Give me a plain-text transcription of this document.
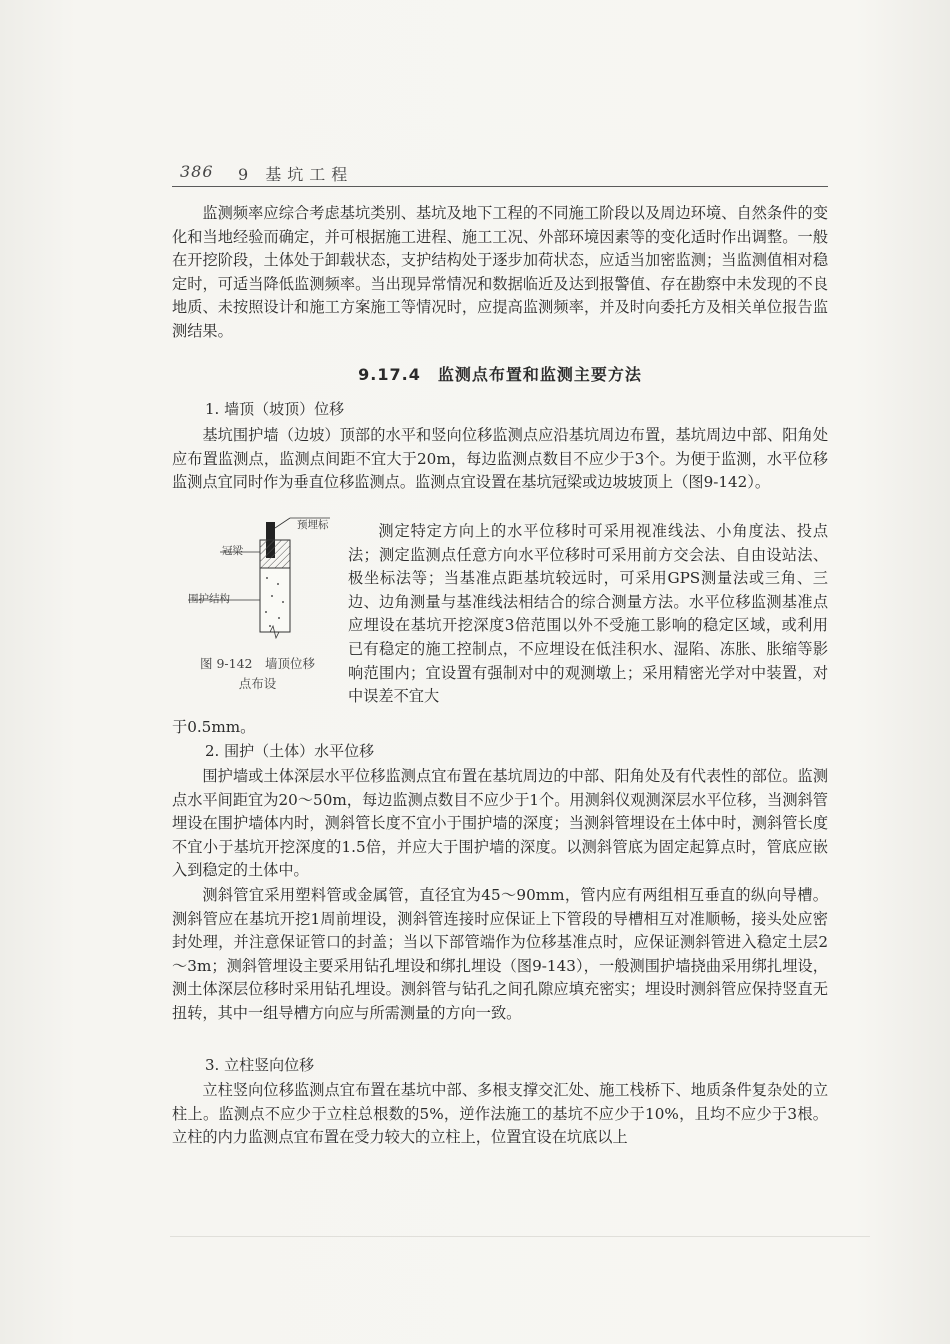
386 9 基坑工程

监测频率应综合考虑基坑类别、基坑及地下工程的不同施工阶段以及周边环境、自然条件的变化和当地经验而确定，并可根据施工进程、施工工况、外部环境因素等的变化适时作出调整。一般在开挖阶段，土体处于卸载状态，支护结构处于逐步加荷状态，应适当加密监测；当监测值相对稳定时，可适当降低监测频率。当出现异常情况和数据临近及达到报警值、存在勘察中未发现的不良地质、未按照设计和施工方案施工等情况时，应提高监测频率，并及时向委托方及相关单位报告监测结果。

9.17.4　监测点布置和监测主要方法
1. 墙顶（坡顶）位移

基坑围护墙（边坡）顶部的水平和竖向位移监测点应沿基坑周边布置，基坑周边中部、阳角处应布置监测点，监测点间距不宜大于20m，每边监测点数目不应少于3个。为便于监测，水平位移监测点宜同时作为垂直位移监测点。监测点宜设置在基坑冠梁或边坡坡顶上（图9-142）。

预埋标
冠梁
围护结构
图 9-142　墙顶位移
点布设

测定特定方向上的水平位移时可采用视准线法、小角度法、投点法；测定监测点任意方向水平位移时可采用前方交会法、自由设站法、极坐标法等；当基准点距基坑较远时，可采用GPS测量法或三角、三边、边角测量与基准线法相结合的综合测量方法。水平位移监测基准点应埋设在基坑开挖深度3倍范围以外不受施工影响的稳定区域，或利用已有稳定的施工控制点，不应埋设在低洼积水、湿陷、冻胀、胀缩等影响范围内；宜设置有强制对中的观测墩上；采用精密光学对中装置，对中误差不宜大

于0.5mm。

2. 围护（土体）水平位移

围护墙或土体深层水平位移监测点宜布置在基坑周边的中部、阳角处及有代表性的部位。监测点水平间距宜为20～50m，每边监测点数目不应少于1个。用测斜仪观测深层水平位移，当测斜管埋设在围护墙体内时，测斜管长度不宜小于围护墙的深度；当测斜管埋设在土体中时，测斜管长度不宜小于基坑开挖深度的1.5倍，并应大于围护墙的深度。以测斜管底为固定起算点时，管底应嵌入到稳定的土体中。

测斜管宜采用塑料管或金属管，直径宜为45～90mm，管内应有两组相互垂直的纵向导槽。测斜管应在基坑开挖1周前埋设，测斜管连接时应保证上下管段的导槽相互对准顺畅，接头处应密封处理，并注意保证管口的封盖；当以下部管端作为位移基准点时，应保证测斜管进入稳定土层2～3m；测斜管埋设主要采用钻孔埋设和绑扎埋设（图9-143），一般测围护墙挠曲采用绑扎埋设，测土体深层位移时采用钻孔埋设。测斜管与钻孔之间孔隙应填充密实；埋设时测斜管应保持竖直无扭转，其中一组导槽方向应与所需测量的方向一致。

3. 立柱竖向位移

立柱竖向位移监测点宜布置在基坑中部、多根支撑交汇处、施工栈桥下、地质条件复杂处的立柱上。监测点不应少于立柱总根数的5%，逆作法施工的基坑不应少于10%，且均不应少于3根。立柱的内力监测点宜布置在受力较大的立柱上，位置宜设在坑底以上
